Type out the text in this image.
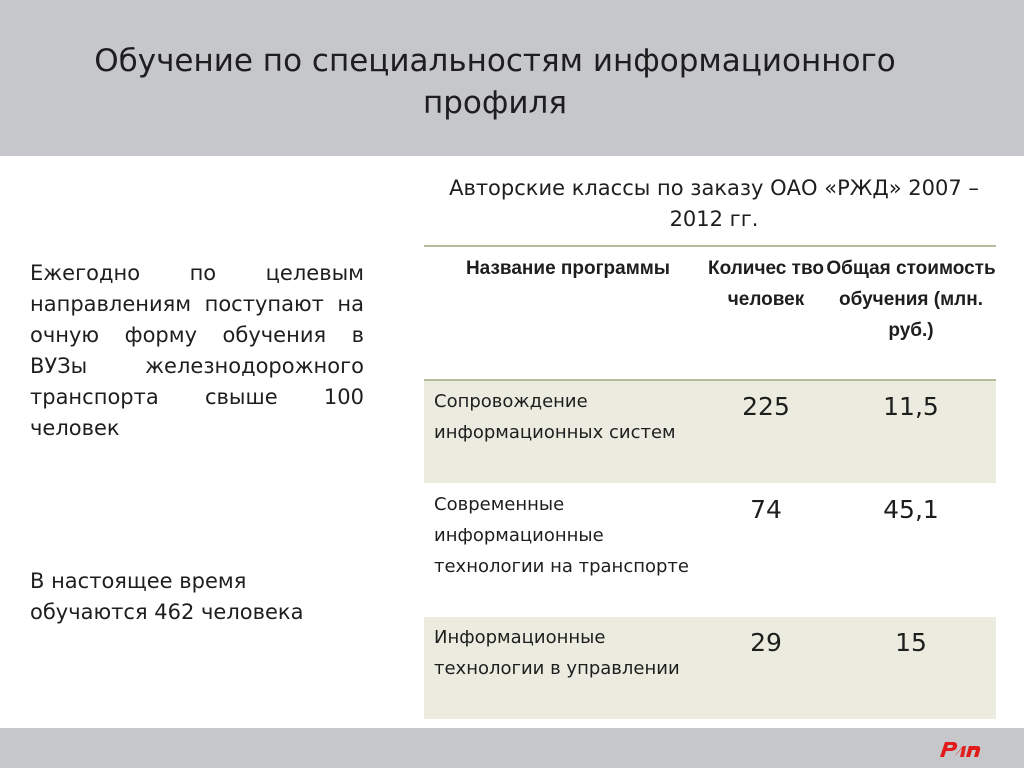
Обучение по специальностям информационного профиля
Ежегодно по целевым направлениям поступают на очную форму обучения в ВУЗы железнодорожного транспорта свыше 100 человек
В настоящее время обучаются 462 человека
Авторские классы по заказу ОАО «РЖД» 2007 – 2012 гг.
Название программы	Количес тво человек	Общая стоимость обучения (млн. руб.)
Сопровождение информационных систем	225	11,5
Современные информационные технологии на транспорте	74	45,1
Информационные технологии в управлении	29	15
